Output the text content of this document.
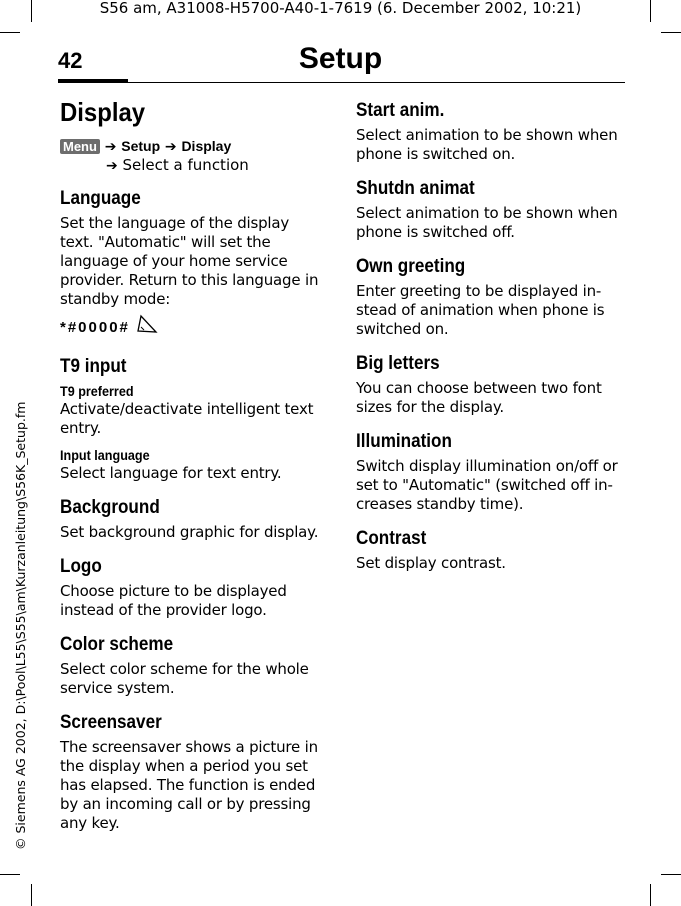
S56 am, A31008-H5700-A40-1-7619 (6. December 2002, 10:21)
42	Setup
© Siemens AG 2002, D:\Pool\L55\S55\am\Kurzanleitung\S56K_Setup.fm
Display
Menu ➔ Setup ➔ Display
➔ Select a function
Language

Set the language of the display text. "Automatic" will set the language of your home service provider. Return to this language in standby mode:

*#0000#
T9 input
T9 preferred

Activate/deactivate intelligent text entry.

Input language

Select language for text entry.

Background

Set background graphic for display.

Logo

Choose picture to be displayed instead of the provider logo.

Color scheme

Select color scheme for the whole service system.

Screensaver

The screensaver shows a picture in the display when a period you set has elapsed. The function is ended by an incoming call or by pressing any key.

Start anim.

Select animation to be shown when phone is switched on.

Shutdn animat

Select animation to be shown when phone is switched off.

Own greeting

Enter greeting to be displayed in-stead of animation when phone is switched on.

Big letters

You can choose between two font sizes for the display.

Illumination

Switch display illumination on/off or set to "Automatic" (switched off in-creases standby time).

Contrast

Set display contrast.
